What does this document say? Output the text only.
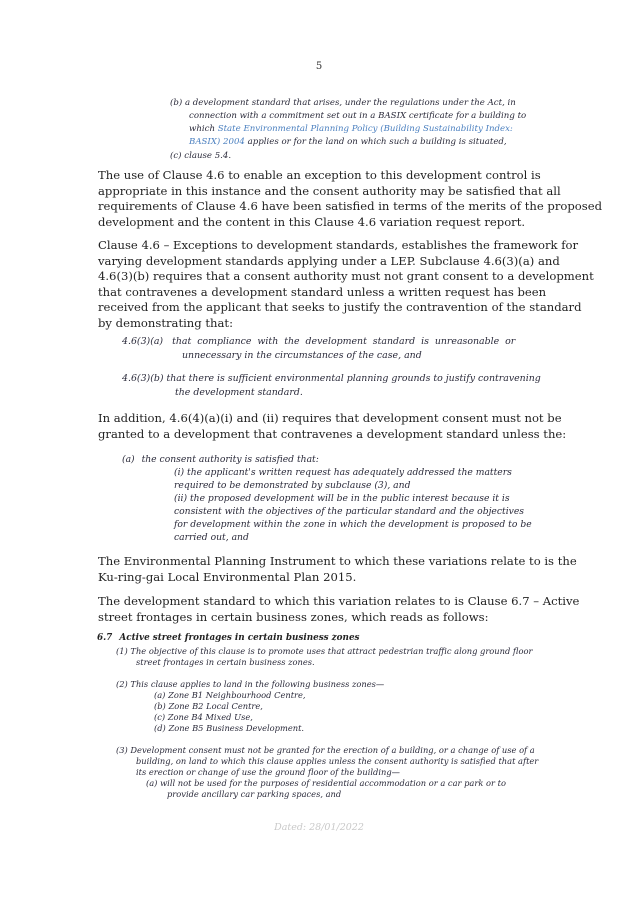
5
(b) a development standard that arises, under the regulations under the Act, in
connection with a commitment set out in a BASIX certificate for a building to
which State Environmental Planning Policy (Building Sustainability Index:
BASIX) 2004 applies or for the land on which such a building is situated,
(c) clause 5.4.
The use of Clause 4.6 to enable an exception to this development control is
appropriate in this instance and the consent authority may be satisfied that all
requirements of Clause 4.6 have been satisfied in terms of the merits of the proposed
development and the content in this Clause 4.6 variation request report.
Clause 4.6 – Exceptions to development standards, establishes the framework for
varying development standards applying under a LEP. Subclause 4.6(3)(a) and
4.6(3)(b) requires that a consent authority must not grant consent to a development
that contravenes a development standard unless a written request has been
received from the applicant that seeks to justify the contravention of the standard
by demonstrating that:
4.6(3)(a) that compliance with the development standard is unreasonable or
unnecessary in the circumstances of the case, and
4.6(3)(b) that there is sufficient environmental planning grounds to justify contravening
the development standard.
In addition, 4.6(4)(a)(i) and (ii) requires that development consent must not be
granted to a development that contravenes a development standard unless the:
(a) the consent authority is satisfied that:
(i) the applicant's written request has adequately addressed the matters
required to be demonstrated by subclause (3), and
(ii) the proposed development will be in the public interest because it is
consistent with the objectives of the particular standard and the objectives
for development within the zone in which the development is proposed to be
carried out, and
The Environmental Planning Instrument to which these variations relate to is the
Ku-ring-gai Local Environmental Plan 2015.
The development standard to which this variation relates to is Clause 6.7 – Active
street frontages in certain business zones, which reads as follows:
6.7 Active street frontages in certain business zones
(1) The objective of this clause is to promote uses that attract pedestrian traffic along ground floor
street frontages in certain business zones.
(2) This clause applies to land in the following business zones—
(a) Zone B1 Neighbourhood Centre,
(b) Zone B2 Local Centre,
(c) Zone B4 Mixed Use,
(d) Zone B5 Business Development.
(3) Development consent must not be granted for the erection of a building, or a change of use of a
building, on land to which this clause applies unless the consent authority is satisfied that after
its erection or change of use the ground floor of the building—
(a) will not be used for the purposes of residential accommodation or a car park or to
provide ancillary car parking spaces, and
Dated: 28/01/2022
